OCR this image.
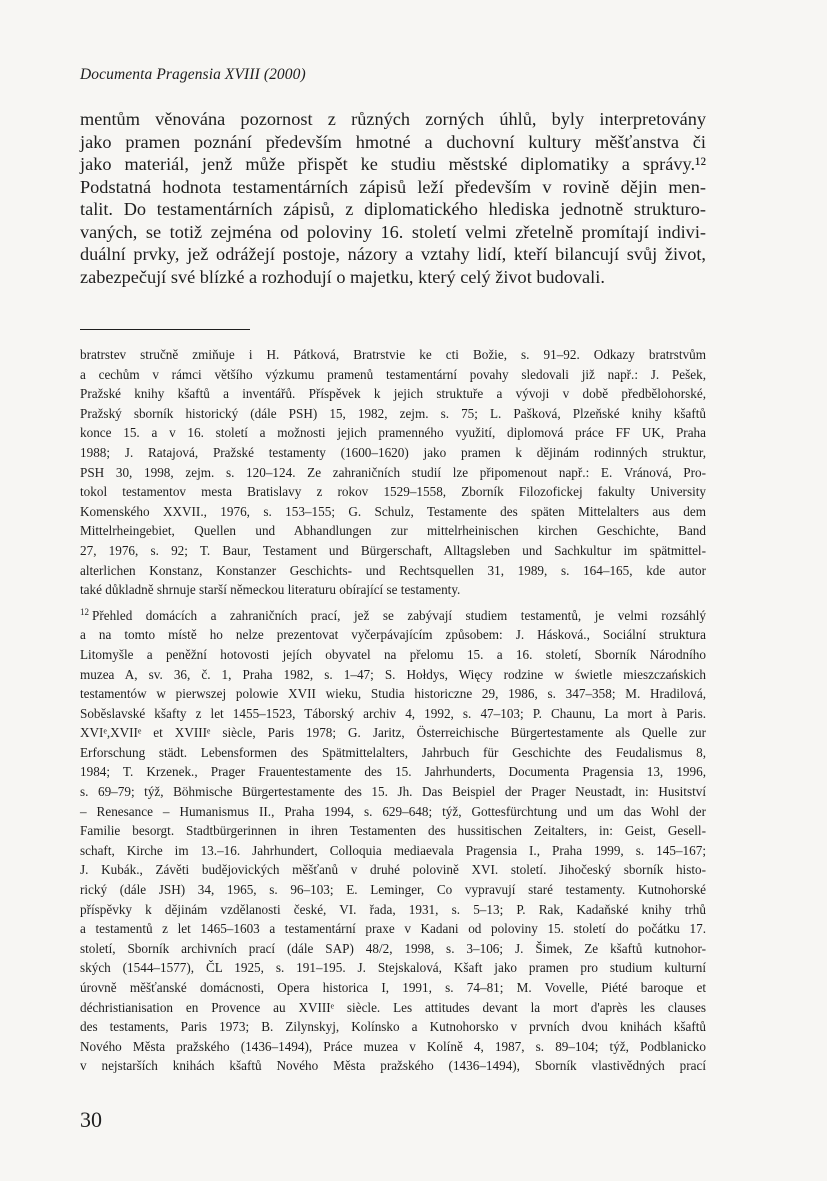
Documenta Pragensia XVIII (2000)
mentům věnována pozornost z různých zorných úhlů, byly interpretovány
jako pramen poznání především hmotné a duchovní kultury měšťanstva či
jako materiál, jenž může přispět ke studiu městské diplomatiky a správy.¹²
Podstatná hodnota testamentárních zápisů leží především v rovině dějin men-
talit. Do testamentárních zápisů, z diplomatického hlediska jednotně strukturo-
vaných, se totiž zejména od poloviny 16. století velmi zřetelně promítají indivi-
duální prvky, jež odrážejí postoje, názory a vztahy lidí, kteří bilancují svůj život,
zabezpečují své blízké a rozhodují o majetku, který celý život budovali.
bratrstev stručně zmiňuje i H. Pátková, Bratrstvie ke cti Božie, s. 91–92. Odkazy bratrstvům
a cechům v rámci většího výzkumu pramenů testamentární povahy sledovali již např.: J. Pešek,
Pražské knihy kšaftů a inventářů. Příspěvek k jejich struktuře a vývoji v době předbělohorské,
Pražský sborník historický (dále PSH) 15, 1982, zejm. s. 75; L. Pašková, Plzeňské knihy kšaftů
konce 15. a v 16. století a možnosti jejich pramenného využití, diplomová práce FF UK, Praha
1988; J. Ratajová, Pražské testamenty (1600–1620) jako pramen k dějinám rodinných struktur,
PSH 30, 1998, zejm. s. 120–124. Ze zahraničních studií lze připomenout např.: E. Vránová, Pro-
tokol testamentov mesta Bratislavy z rokov 1529–1558, Zborník Filozofickej fakulty University
Komenského XXVII., 1976, s. 153–155; G. Schulz, Testamente des späten Mittelalters aus dem
Mittelrheingebiet, Quellen und Abhandlungen zur mittelrheinischen kirchen Geschichte, Band
27, 1976, s. 92; T. Baur, Testament und Bürgerschaft, Alltagsleben und Sachkultur im spätmittel-
alterlichen Konstanz, Konstanzer Geschichts- und Rechtsquellen 31, 1989, s. 164–165, kde autor
také důkladně shrnuje starší německou literaturu obírající se testamenty.
$^{12}$ Přehled domácích a zahraničních prací, jež se zabývají studiem testamentů, je velmi rozsáhlý
a na tomto místě ho nelze prezentovat vyčerpávajícím způsobem: J. Hásková., Sociální struktura
Litomyšle a peněžní hotovosti jejích obyvatel na přelomu 15. a 16. století, Sborník Národního
muzea A, sv. 36, č. 1, Praha 1982, s. 1–47; S. Hołdys, Więcy rodzine w świetle mieszczańskich
testamentów w pierwszej polowie XVII wieku, Studia historiczne 29, 1986, s. 347–358; M. Hradilová,
Soběslavské kšafty z let 1455–1523, Táborský archiv 4, 1992, s. 47–103; P. Chaunu, La mort à Paris.
XVIᵉ,XVIIᵉ et XVIIIᵉ siècle, Paris 1978; G. Jaritz, Österreichische Bürgertestamente als Quelle zur
Erforschung städt. Lebensformen des Spätmittelalters, Jahrbuch für Geschichte des Feudalismus 8,
1984; T. Krzenek., Prager Frauentestamente des 15. Jahrhunderts, Documenta Pragensia 13, 1996,
s. 69–79; týž, Böhmische Bürgertestamente des 15. Jh. Das Beispiel der Prager Neustadt, in: Husitství
– Renesance – Humanismus II., Praha 1994, s. 629–648; týž, Gottesfürchtung und um das Wohl der
Familie besorgt. Stadtbürgerinnen in ihren Testamenten des hussitischen Zeitalters, in: Geist, Gesell-
schaft, Kirche im 13.–16. Jahrhundert, Colloquia mediaevala Pragensia I., Praha 1999, s. 145–167;
J. Kubák., Závěti budějovických měšťanů v druhé polovině XVI. století. Jihočeský sborník histo-
rický (dále JSH) 34, 1965, s. 96–103; E. Leminger, Co vypravují staré testamenty. Kutnohorské
příspěvky k dějinám vzdělanosti české, VI. řada, 1931, s. 5–13; P. Rak, Kadaňské knihy trhů
a testamentů z let 1465–1603 a testamentární praxe v Kadani od poloviny 15. století do počátku 17.
století, Sborník archivních prací (dále SAP) 48/2, 1998, s. 3–106; J. Šimek, Ze kšaftů kutnohor-
ských (1544–1577), ČL 1925, s. 191–195. J. Stejskalová, Kšaft jako pramen pro studium kulturní
úrovně měšťanské domácnosti, Opera historica I, 1991, s. 74–81; M. Vovelle, Piété baroque et
déchristianisation en Provence au XVIIIᵉ siècle. Les attitudes devant la mort d'après les clauses
des testaments, Paris 1973; B. Zilynskyj, Kolínsko a Kutnohorsko v prvních dvou knihách kšaftů
Nového Města pražského (1436–1494), Práce muzea v Kolíně 4, 1987, s. 89–104; týž, Podblanicko
v nejstarších knihách kšaftů Nového Města pražského (1436–1494), Sborník vlastivědných prací
30
